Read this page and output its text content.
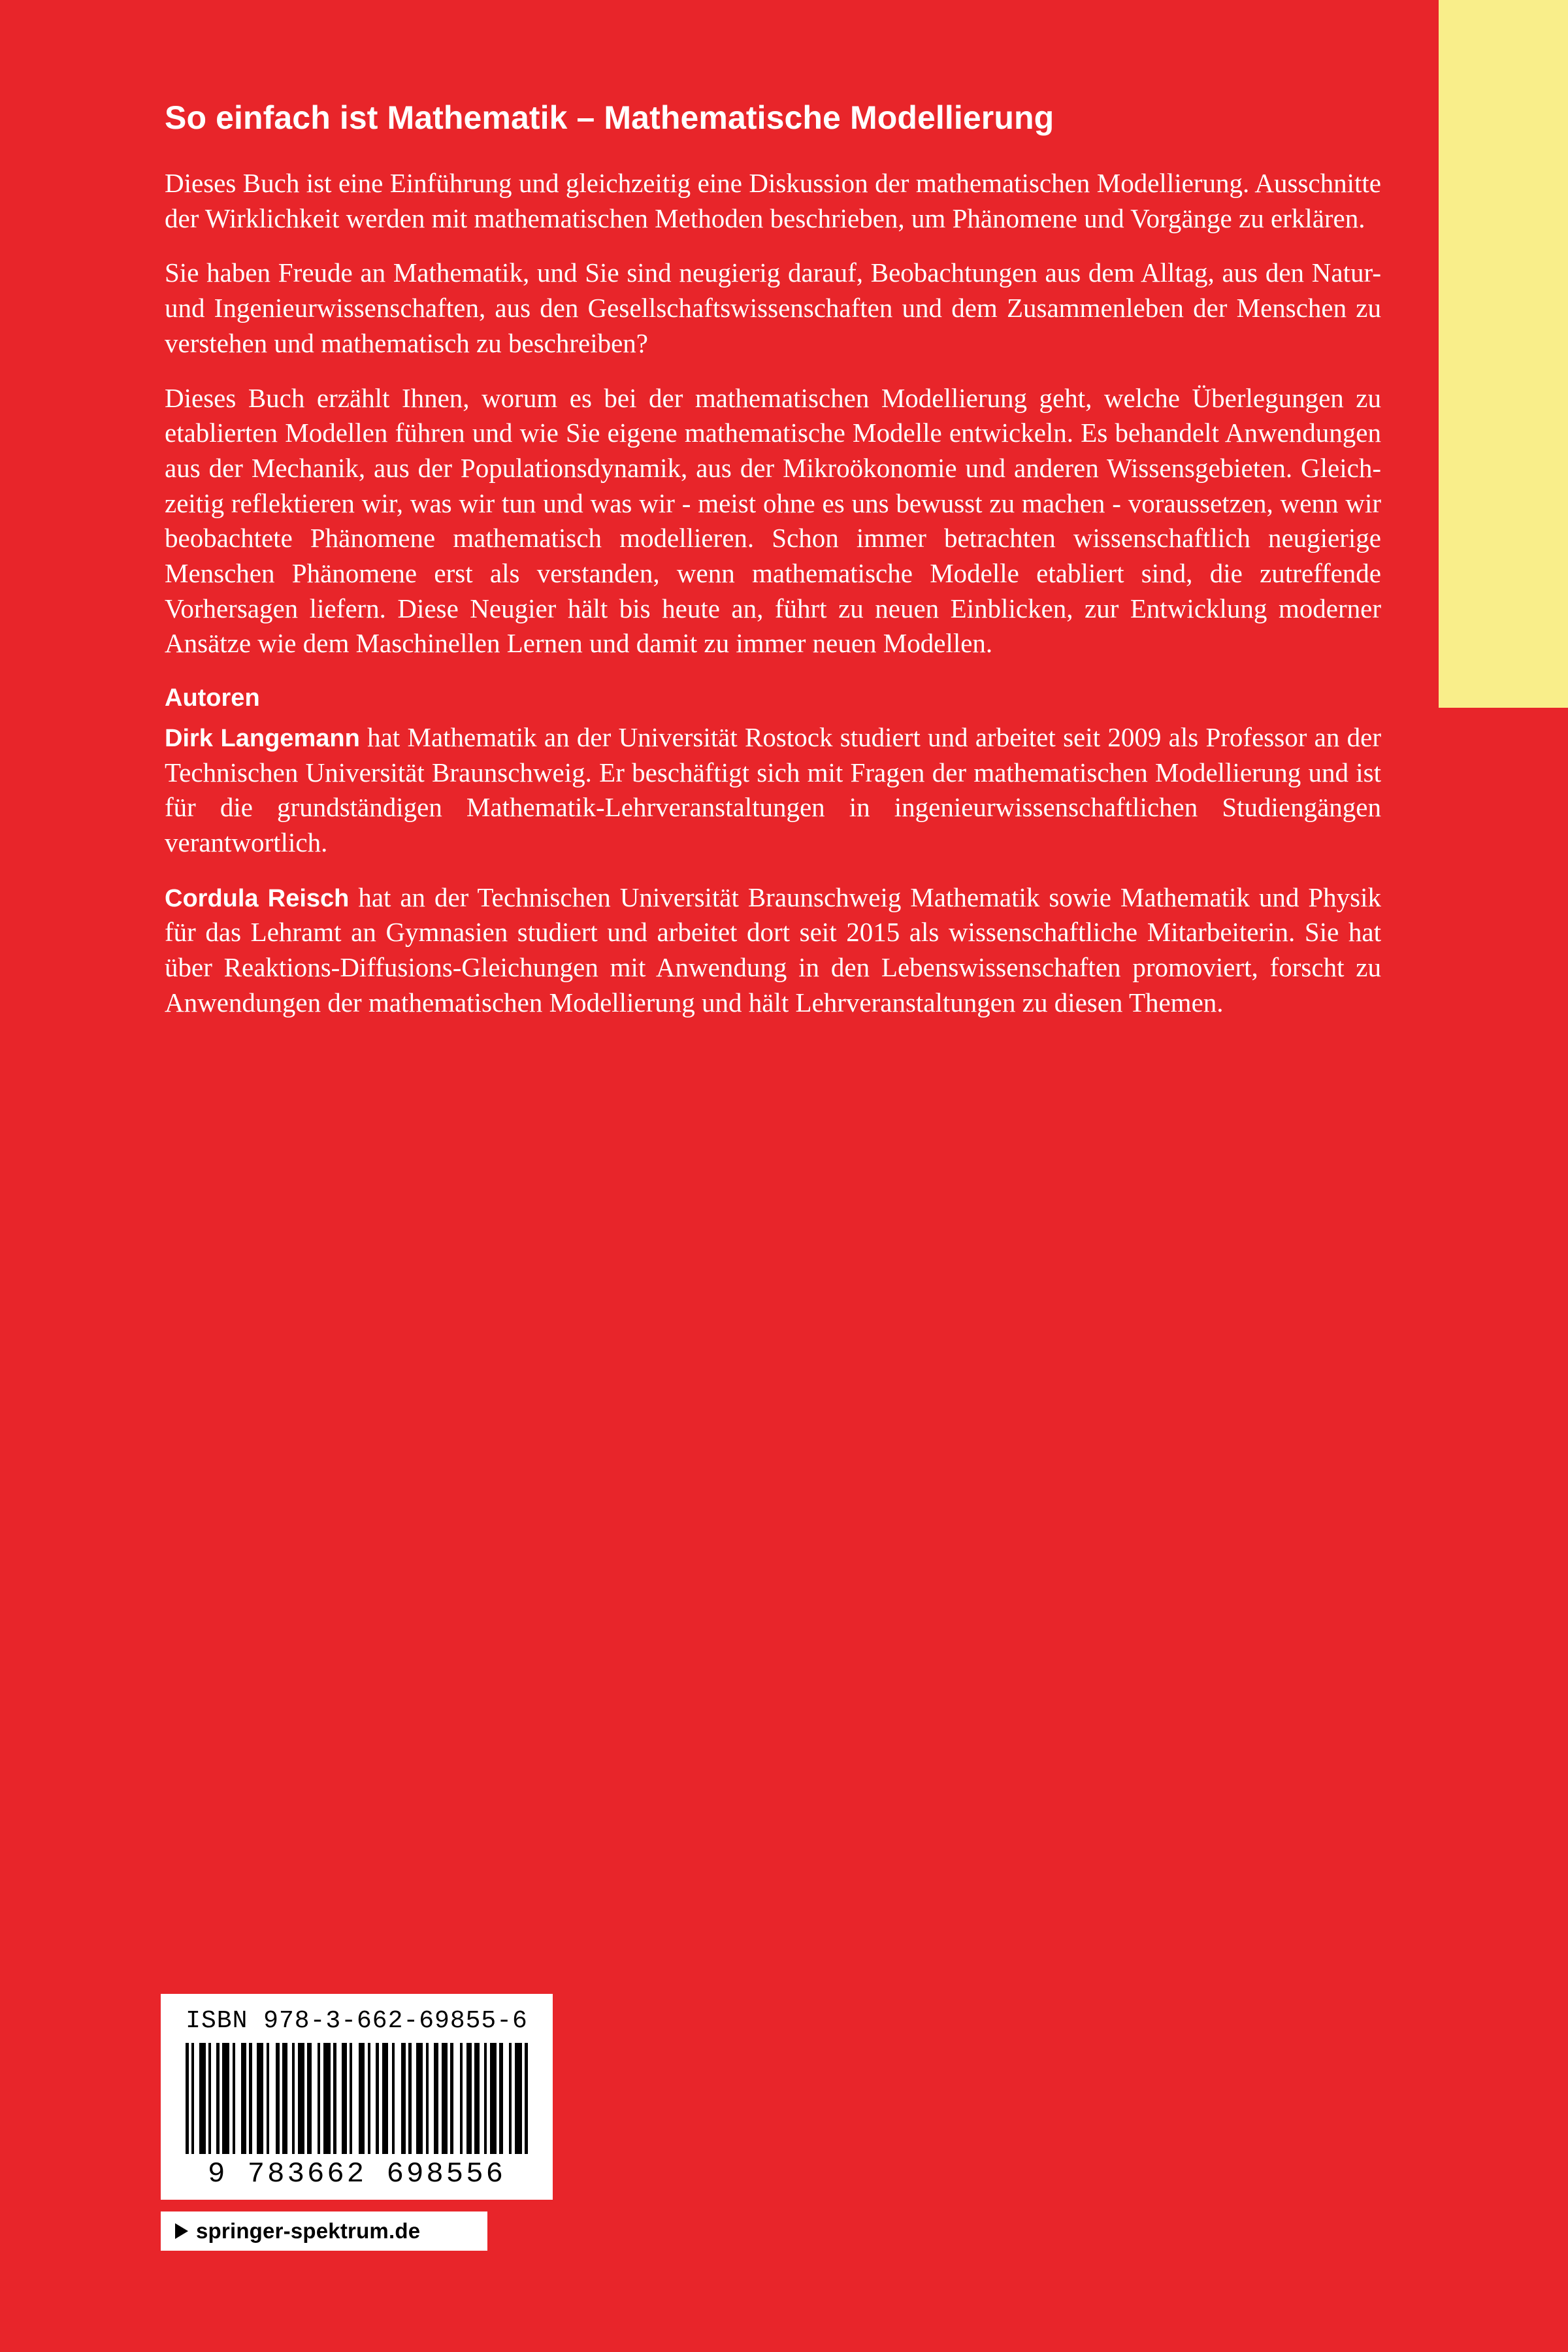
So einfach ist Mathematik – Mathematische Modellierung

Dieses Buch ist eine Einführung und gleichzeitig eine Diskussion der mathematischen Modellierung. Ausschnitte der Wirklichkeit werden mit mathematischen Methoden beschrieben, um Phänomene und Vorgänge zu erklären.

Sie haben Freude an Mathematik, und Sie sind neugierig darauf, Beobachtungen aus dem Alltag, aus den Natur- und Ingenieurwissenschaften, aus den Gesellschaftswissenschaften und dem Zusammenleben der Menschen zu verstehen und mathematisch zu beschreiben?

Dieses Buch erzählt Ihnen, worum es bei der mathematischen Modellierung geht, welche Überlegungen zu etablierten Modellen führen und wie Sie eigene mathematische Modelle entwickeln. Es behandelt Anwendungen aus der Mechanik, aus der Populationsdynamik, aus der Mikroökonomie und anderen Wissensgebieten. Gleichzeitig reflektieren wir, was wir tun und was wir - meist ohne es uns bewusst zu machen - voraussetzen, wenn wir beobachtete Phänomene mathematisch modellieren. Schon immer betrachten wissenschaftlich neugierige Menschen Phänomene erst als verstanden, wenn mathematische Modelle etabliert sind, die zutreffende Vorhersagen liefern. Diese Neugier hält bis heute an, führt zu neuen Einblicken, zur Entwicklung moderner Ansätze wie dem Maschinellen Lernen und damit zu immer neuen Modellen.

Autoren

Dirk Langemann hat Mathematik an der Universität Rostock studiert und arbeitet seit 2009 als Professor an der Technischen Universität Braunschweig. Er beschäftigt sich mit Fragen der mathematischen Modellierung und ist für die grundständigen Mathematik-Lehrveranstaltungen in ingenieurwissenschaftlichen Studiengängen verantwortlich.

Cordula Reisch hat an der Technischen Universität Braunschweig Mathematik sowie Mathematik und Physik für das Lehramt an Gymnasien studiert und arbeitet dort seit 2015 als wissenschaftliche Mitarbeiterin. Sie hat über Reaktions-Diffusions-Gleichungen mit Anwendung in den Lebenswissenschaften promoviert, forscht zu Anwendungen der mathematischen Modellierung und hält Lehrveranstaltungen zu diesen Themen.

ISBN 978-3-662-69855-6
9 783662 698556
springer-spektrum.de
